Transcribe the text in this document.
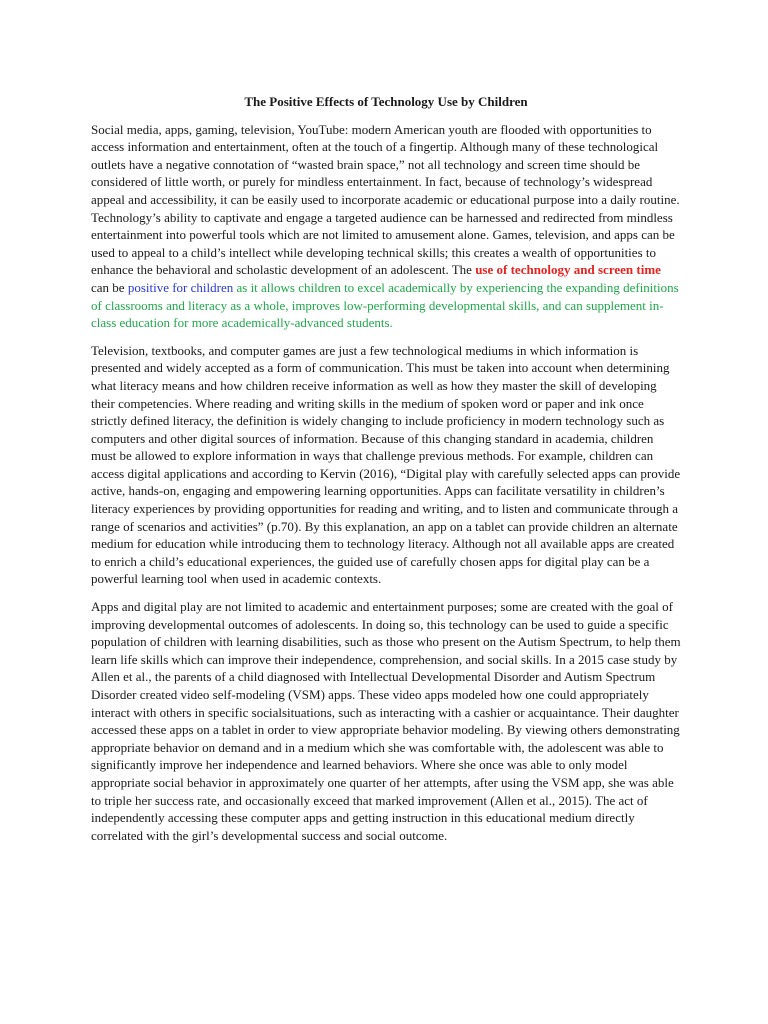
The Positive Effects of Technology Use by Children

Social media, apps, gaming, television, YouTube: modern American youth are flooded with opportunities to access information and entertainment, often at the touch of a fingertip. Although many of these technological outlets have a negative connotation of “wasted brain space,” not all technology and screen time should be considered of little worth, or purely for mindless entertainment. In fact, because of technology’s widespread appeal and accessibility, it can be easily used to incorporate academic or educational purpose into a daily routine. Technology’s ability to captivate and engage a targeted audience can be harnessed and redirected from mindless entertainment into powerful tools which are not limited to amusement alone. Games, television, and apps can be used to appeal to a child’s intellect while developing technical skills; this creates a wealth of opportunities to enhance the behavioral and scholastic development of an adolescent. The use of technology and screen time can be positive for children as it allows children to excel academically by experiencing the expanding definitions of classrooms and literacy as a whole, improves low-performing developmental skills, and can supplement in-class education for more academically-advanced students.

Television, textbooks, and computer games are just a few technological mediums in which information is presented and widely accepted as a form of communication. This must be taken into account when determining what literacy means and how children receive information as well as how they master the skill of developing their competencies. Where reading and writing skills in the medium of spoken word or paper and ink once strictly defined literacy, the definition is widely changing to include proficiency in modern technology such as computers and other digital sources of information. Because of this changing standard in academia, children must be allowed to explore information in ways that challenge previous methods. For example, children can access digital applications and according to Kervin (2016), “Digital play with carefully selected apps can provide active, hands-on, engaging and empowering learning opportunities. Apps can facilitate versatility in children’s literacy experiences by providing opportunities for reading and writing, and to listen and communicate through a range of scenarios and activities” (p.70). By this explanation, an app on a tablet can provide children an alternate medium for education while introducing them to technology literacy. Although not all available apps are created to enrich a child’s educational experiences, the guided use of carefully chosen apps for digital play can be a powerful learning tool when used in academic contexts.

Apps and digital play are not limited to academic and entertainment purposes; some are created with the goal of improving developmental outcomes of adolescents. In doing so, this technology can be used to guide a specific population of children with learning disabilities, such as those who present on the Autism Spectrum, to help them learn life skills which can improve their independence, comprehension, and social skills. In a 2015 case study by Allen et al., the parents of a child diagnosed with Intellectual Developmental Disorder and Autism Spectrum Disorder created video self-modeling (VSM) apps. These video apps modeled how one could appropriately interact with others in specific socialsituations, such as interacting with a cashier or acquaintance. Their daughter accessed these apps on a tablet in order to view appropriate behavior modeling. By viewing others demonstrating appropriate behavior on demand and in a medium which she was comfortable with, the adolescent was able to significantly improve her independence and learned behaviors. Where she once was able to only model appropriate social behavior in approximately one quarter of her attempts, after using the VSM app, she was able to triple her success rate, and occasionally exceed that marked improvement (Allen et al., 2015). The act of independently accessing these computer apps and getting instruction in this educational medium directly correlated with the girl’s developmental success and social outcome.
